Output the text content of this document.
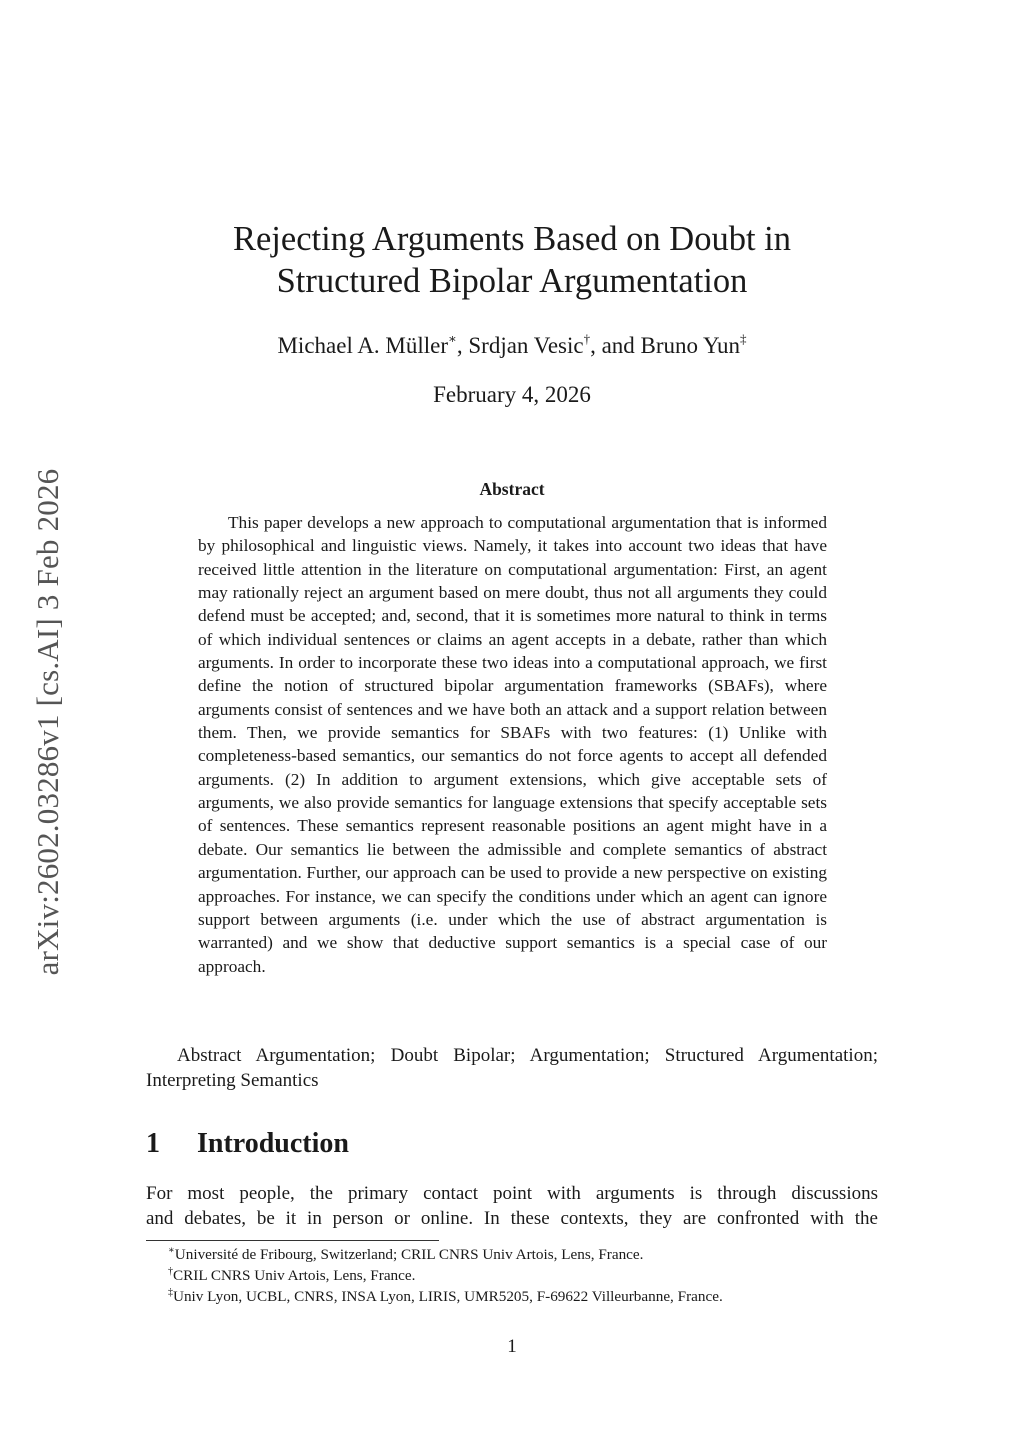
arXiv:2602.03286v1 [cs.AI] 3 Feb 2026
Rejecting Arguments Based on Doubt in
Structured Bipolar Argumentation
Michael A. Müller∗, Srdjan Vesic†, and Bruno Yun‡
February 4, 2026
Abstract

This paper develops a new approach to computational argumentation that is informed by philosophical and linguistic views. Namely, it takes into account two ideas that have received little attention in the literature on computational argumentation: First, an agent may rationally reject an argument based on mere doubt, thus not all arguments they could defend must be accepted; and, second, that it is sometimes more natural to think in terms of which individual sentences or claims an agent accepts in a debate, rather than which arguments. In order to incorporate these two ideas into a computational approach, we first define the notion of structured bipolar argumentation frameworks (SBAFs), where arguments consist of sentences and we have both an attack and a support relation between them. Then, we provide semantics for SBAFs with two features: (1) Unlike with completeness-based semantics, our semantics do not force agents to accept all defended arguments. (2) In addition to argument extensions, which give acceptable sets of arguments, we also provide semantics for language extensions that specify acceptable sets of sentences. These semantics represent reasonable positions an agent might have in a debate. Our semantics lie between the admissible and complete semantics of abstract argumentation. Further, our approach can be used to provide a new perspective on existing approaches. For instance, we can specify the conditions under which an agent can ignore support between arguments (i.e. under which the use of abstract argumentation is warranted) and we show that deductive support semantics is a special case of our approach.

Abstract Argumentation; Doubt Bipolar; Argumentation; Structured Argumentation; Interpreting Semantics

1 Introduction

For most people, the primary contact point with arguments is through discussions
and debates, be it in person or online. In these contexts, they are confronted with the

∗Université de Fribourg, Switzerland; CRIL CNRS Univ Artois, Lens, France.
†CRIL CNRS Univ Artois, Lens, France.
‡Univ Lyon, UCBL, CNRS, INSA Lyon, LIRIS, UMR5205, F-69622 Villeurbanne, France.
1
